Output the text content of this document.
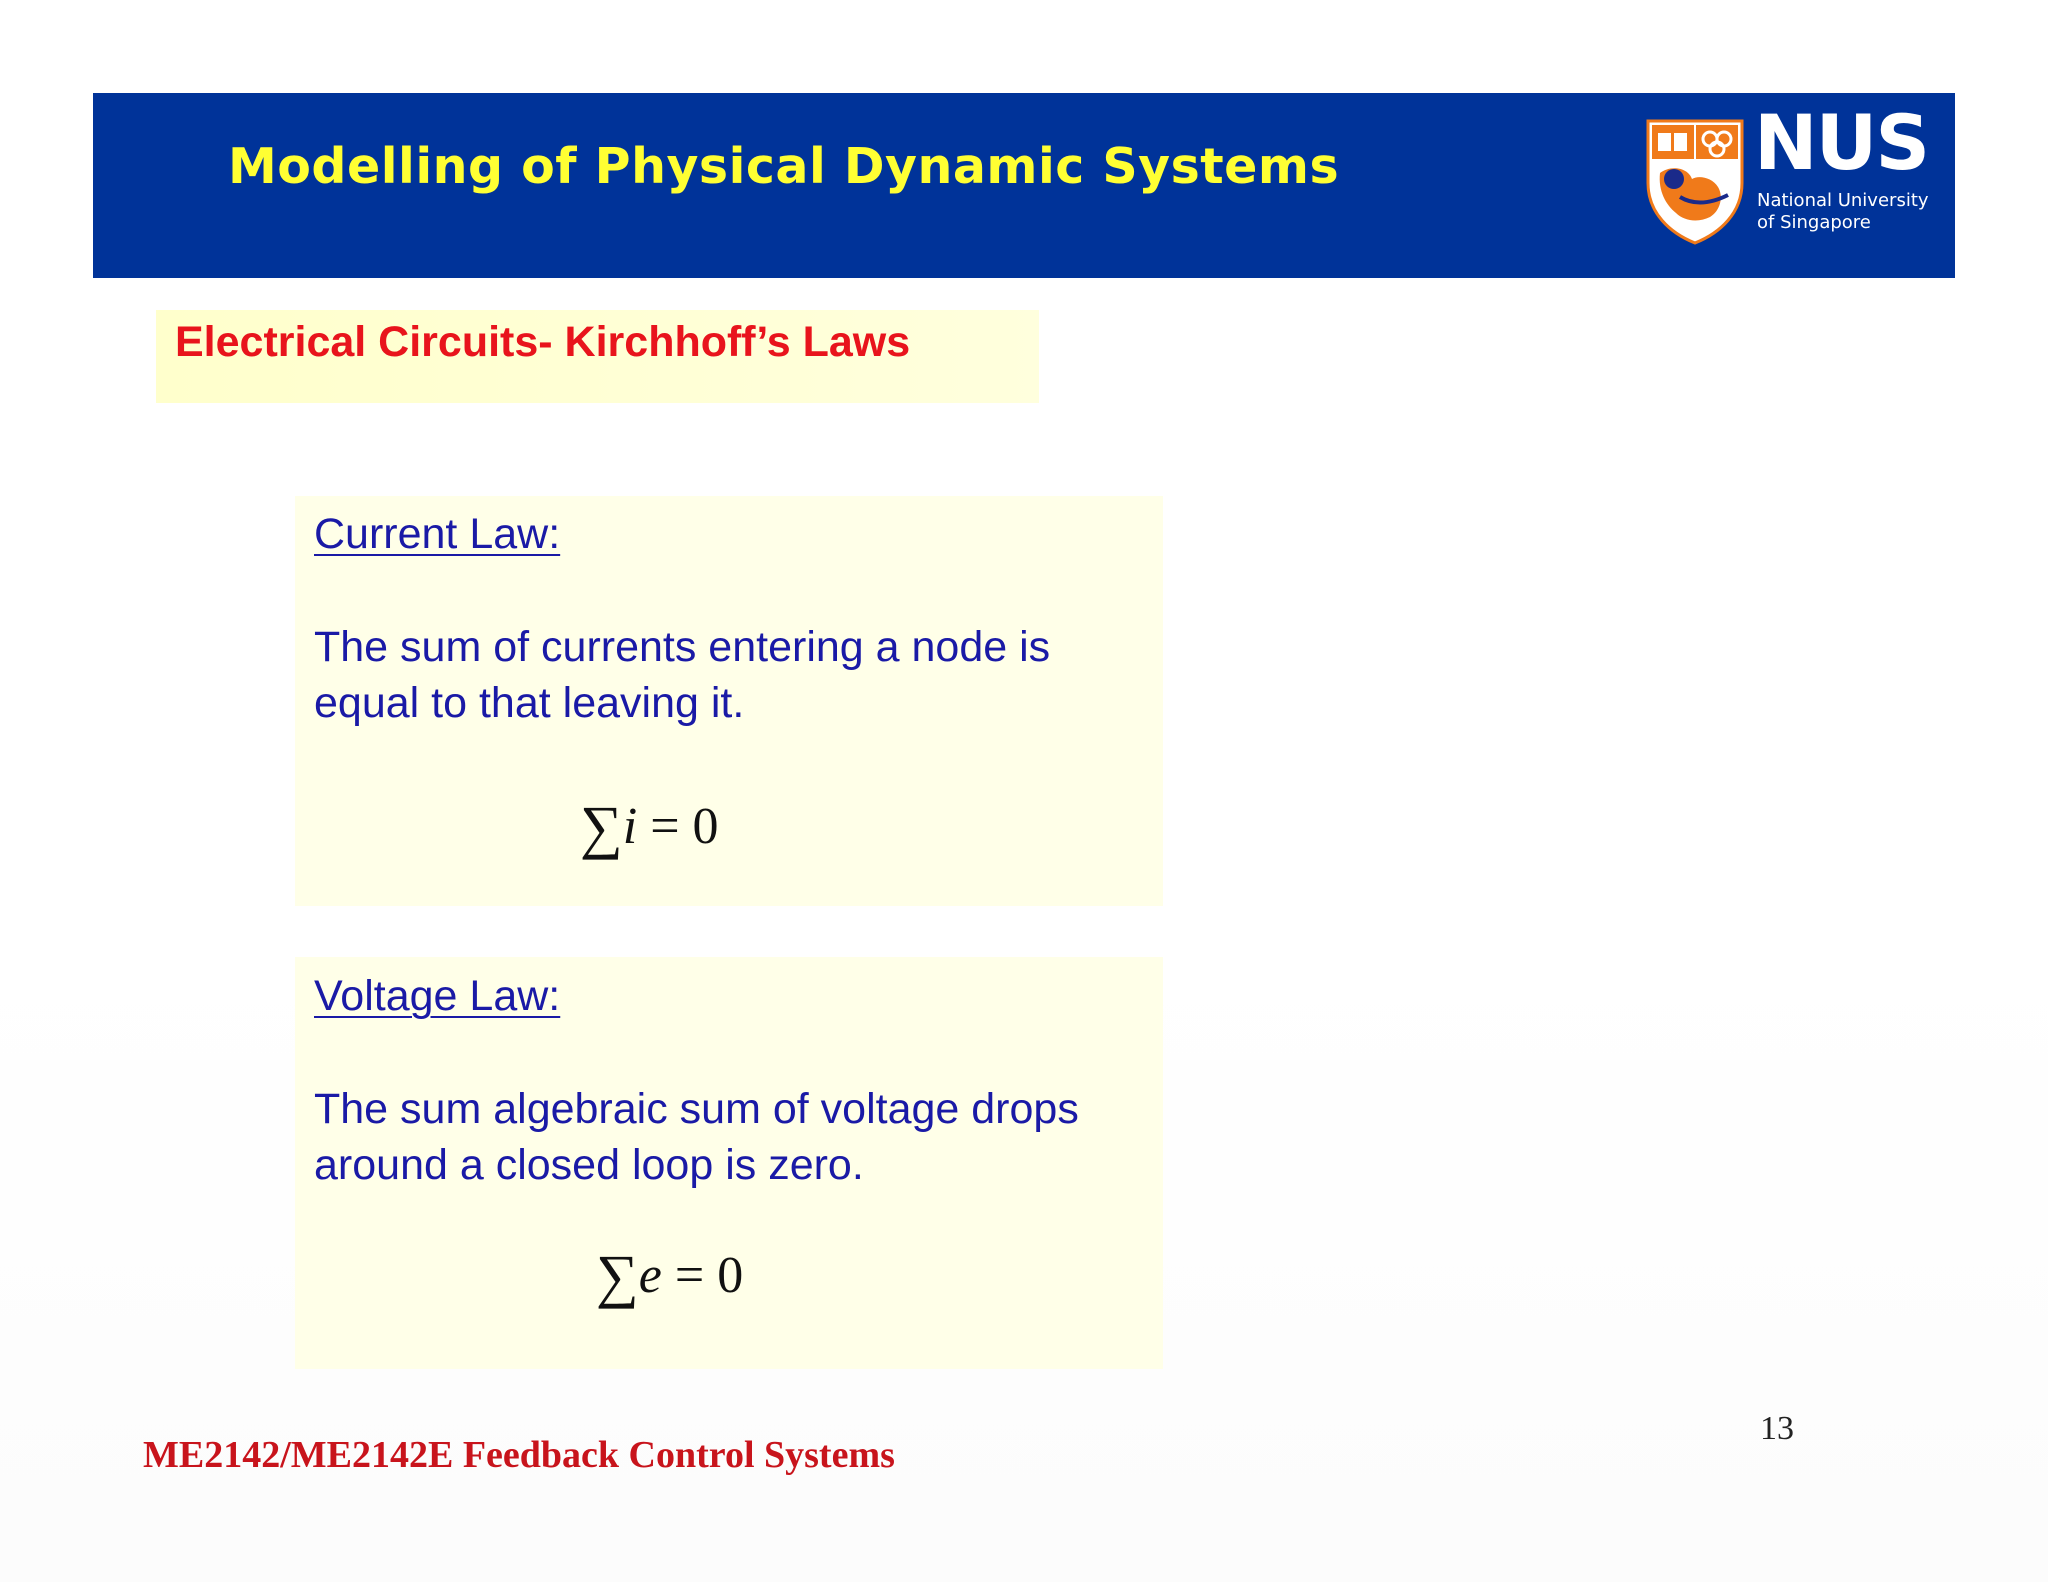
Modelling of Physical Dynamic Systems	NUS
National University
of Singapore
Electrical Circuits- Kirchhoff’s Laws
Current Law:
The sum of currents entering a node is equal to that leaving it.
∑i = 0
Voltage Law:
The sum algebraic sum of voltage drops around a closed loop is zero.
∑e = 0
13
ME2142/ME2142E Feedback Control Systems
